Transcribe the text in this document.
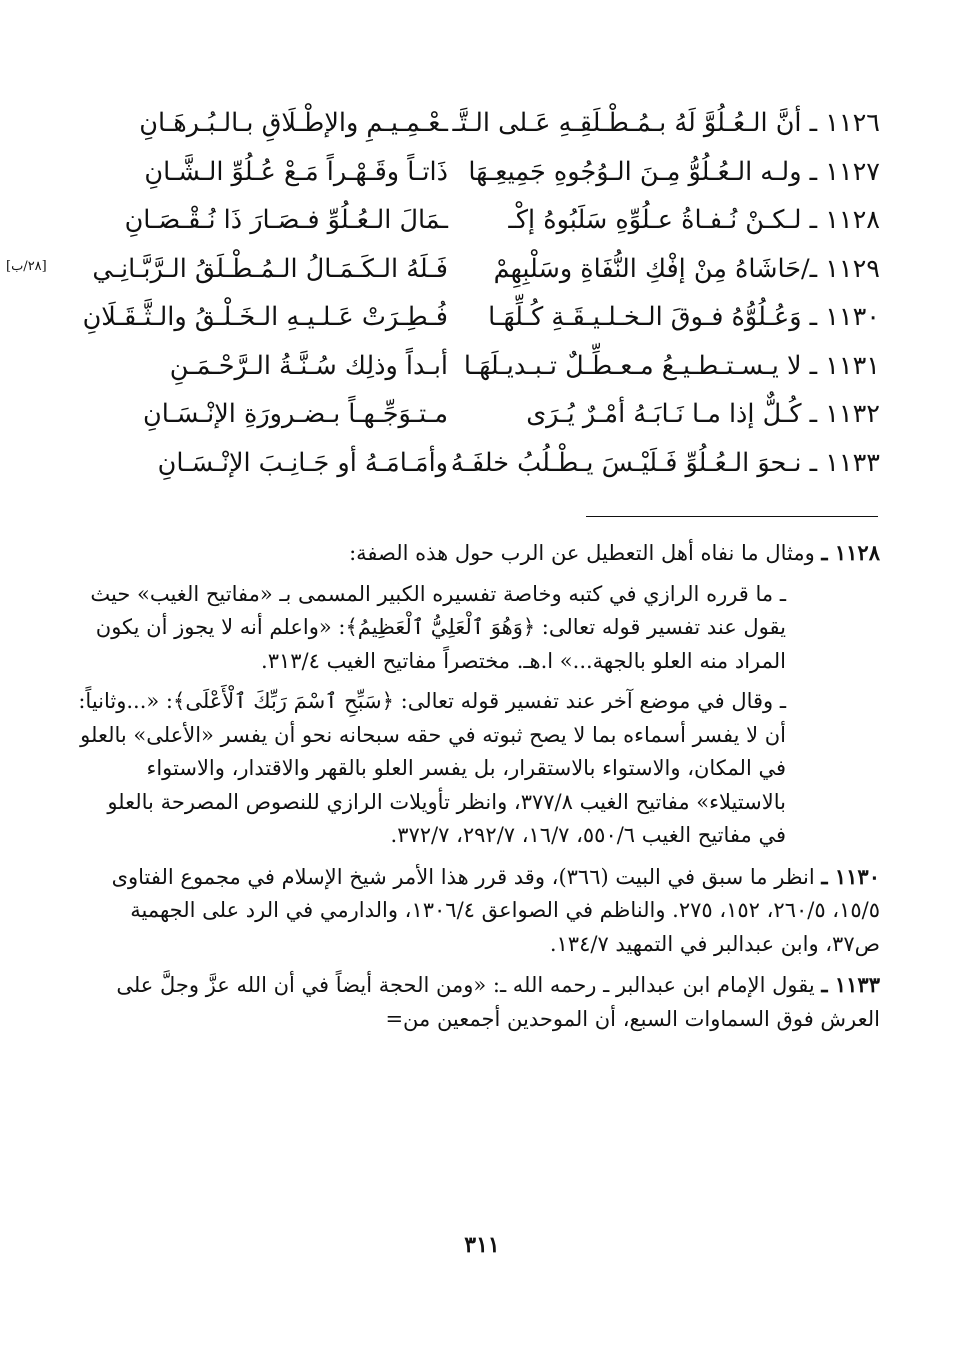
١١٢٦ ـ أنَّ الـعُـلُوَّ لَهُ بـمُـطْـلَقِـهِ عَـلى الـتَّـ
ـعْـمِـيـمِ والإطْـلَاقِ بـالـبُـرهَـانِ
١١٢٧ ـ ولـه الـعُـلُوُّ مِـنَ الـوُجُوهِ جَمِيعِـهَا
ذَاتـاً وقَـهْـراً مَـعْ عُـلُوِّ الـشَّـانِ
١١٢٨ ـ لـكـنْ نُـفـاةُ عـلُوِّهِ سَلَبُوهُ إكْـ
ـمَالَ الـعُـلُوِّ فـصَـارَ ذَا نُـقْـصَـانِ
١١٢٩ ـ/حَاشَاهُ مِنْ إفْكِ النُّفَاةِ وسَلْبِهِمْ
فَـلَهُ الـكَـمَـالُ الـمُـطْـلَقُ الـرَّبَّـانِـي
[٢٨/ب]
١١٣٠ ـ وَعُـلُوُّهُ فـوقَ الـخـلـيـقَـةِ كُـلِّهَـا
فُـطِـرَتْ عَـلـيـهِ الـخَـلْـقُ والـثَّـقَـلَانِ
١١٣١ ـ لا يـسـتـطـيـعُ مـعـطِّـلٌ تـبـديـلَهَـا
أبـداً وذلِك سُـنَّـةُ الـرَّحْـمَـنِ
١١٣٢ ـ كُـلٌّ إذا مـا نَـابَـهُ أمْـرٌ يُـرَى
مـتـوَجِّـهـاً بـضـرورَةِ الإنْـسَـانِ
١١٣٣ ـ نـحوَ الـعُـلُوِّ فَـلَيْـسَ يـطْـلُبُ خلفَـهُ
وأمَـامَـهُ أو جَـانِـبَ الإنْـسَـانِ
١١٢٨ ـ ومثال ما نفاه أهل التعطيل عن الرب حول هذه الصفة:
ـ ما قرره الرازي في كتبه وخاصة تفسيره الكبير المسمى بـ «مفاتيح الغيب» حيث يقول عند تفسير قوله تعالى: ﴿وَهُوَ ٱلْعَلِيُّ ٱلْعَظِيمُ﴾: «واعلم أنه لا يجوز أن يكون المراد منه العلو بالجهة...» ا.هـ. مختصراً مفاتيح الغيب ٣١٣/٤.
ـ وقال في موضع آخر عند تفسير قوله تعالى: ﴿سَبِّحِ ٱسْمَ رَبِّكَ ٱلْأَعْلَى﴾: «...وثانياً: أن لا يفسر أسماءه بما لا يصح ثبوته في حقه سبحانه نحو أن يفسر «الأعلى» بالعلو في المكان، والاستواء بالاستقرار، بل يفسر العلو بالقهر والاقتدار، والاستواء بالاستيلاء» مفاتيح الغيب ٣٧٧/٨، وانظر تأويلات الرازي للنصوص المصرحة بالعلو في مفاتيح الغيب ٥٥٠/٦، ١٦/٧، ٢٩٢/٧، ٣٧٢/٧.
١١٣٠ ـ انظر ما سبق في البيت (٣٦٦)، وقد قرر هذا الأمر شيخ الإسلام في مجموع الفتاوى ١٥/٥، ٢٦٠/٥، ١٥٢، ٢٧٥. والناظم في الصواعق ١٣٠٦/٤، والدارمي في الرد على الجهمية ص٣٧، وابن عبدالبر في التمهيد ١٣٤/٧.
١١٣٣ ـ يقول الإمام ابن عبدالبر ـ رحمه الله ـ: «ومن الحجة أيضاً في أن الله عزَّ وجلَّ على العرش فوق السماوات السبع، أن الموحدين أجمعين من=
٣١١
